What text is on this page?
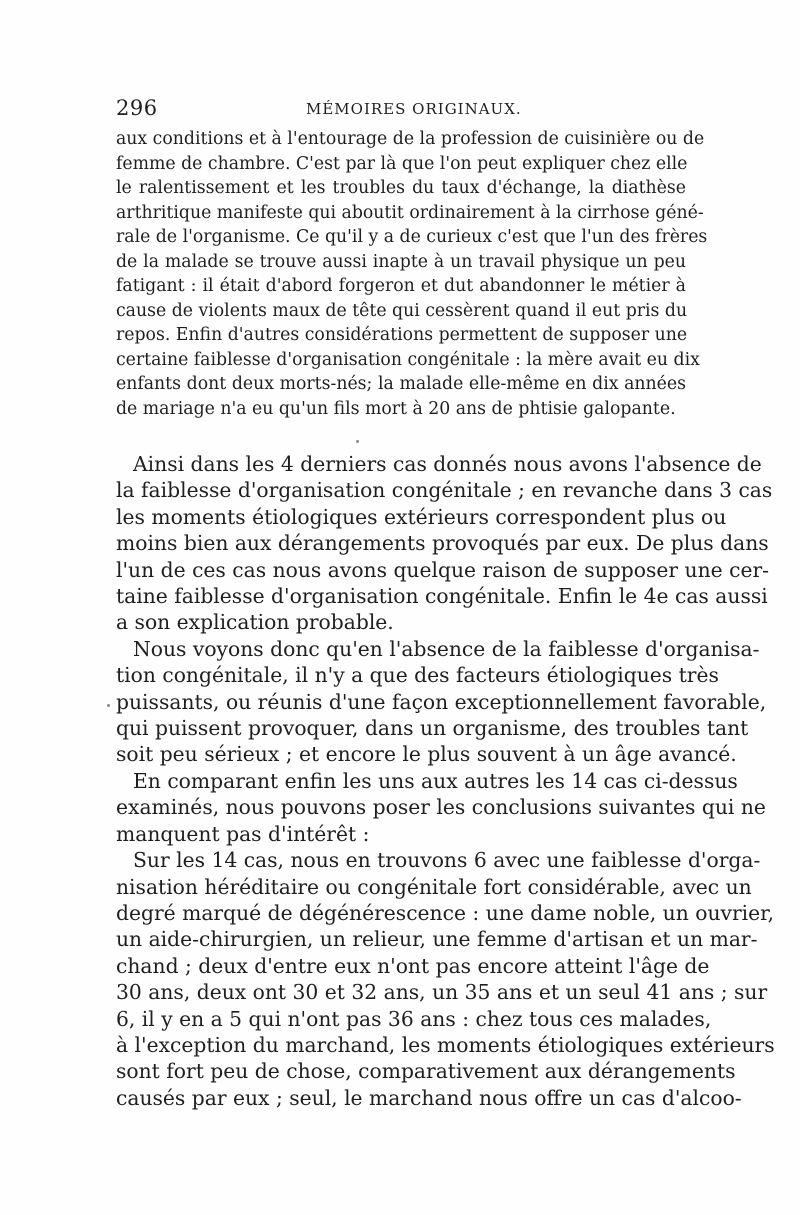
296	MÉMOIRES ORIGINAUX.
aux conditions et à l'entourage de la profession de cuisinière ou de
femme de chambre. C'est par là que l'on peut expliquer chez elle
le ralentissement et les troubles du taux d'échange, la diathèse
arthritique manifeste qui aboutit ordinairement à la cirrhose géné-
rale de l'organisme. Ce qu'il y a de curieux c'est que l'un des frères
de la malade se trouve aussi inapte à un travail physique un peu
fatigant : il était d'abord forgeron et dut abandonner le métier à
cause de violents maux de tête qui cessèrent quand il eut pris du
repos. Enfin d'autres considérations permettent de supposer une
certaine faiblesse d'organisation congénitale : la mère avait eu dix
enfants dont deux morts-nés; la malade elle-même en dix années
de mariage n'a eu qu'un fils mort à 20 ans de phtisie galopante.
Ainsi dans les 4 derniers cas donnés nous avons l'absence de
la faiblesse d'organisation congénitale ; en revanche dans 3 cas
les moments étiologiques extérieurs correspondent plus ou
moins bien aux dérangements provoqués par eux. De plus dans
l'un de ces cas nous avons quelque raison de supposer une cer-
taine faiblesse d'organisation congénitale. Enfin le 4e cas aussi
a son explication probable.
Nous voyons donc qu'en l'absence de la faiblesse d'organisa-
tion congénitale, il n'y a que des facteurs étiologiques très
puissants, ou réunis d'une façon exceptionnellement favorable,
qui puissent provoquer, dans un organisme, des troubles tant
soit peu sérieux ; et encore le plus souvent à un âge avancé.
En comparant enfin les uns aux autres les 14 cas ci-dessus
examinés, nous pouvons poser les conclusions suivantes qui ne
manquent pas d'intérêt :
Sur les 14 cas, nous en trouvons 6 avec une faiblesse d'orga-
nisation héréditaire ou congénitale fort considérable, avec un
degré marqué de dégénérescence : une dame noble, un ouvrier,
un aide-chirurgien, un relieur, une femme d'artisan et un mar-
chand ; deux d'entre eux n'ont pas encore atteint l'âge de
30 ans, deux ont 30 et 32 ans, un 35 ans et un seul 41 ans ; sur
6, il y en a 5 qui n'ont pas 36 ans : chez tous ces malades,
à l'exception du marchand, les moments étiologiques extérieurs
sont fort peu de chose, comparativement aux dérangements
causés par eux ; seul, le marchand nous offre un cas d'alcoo-
